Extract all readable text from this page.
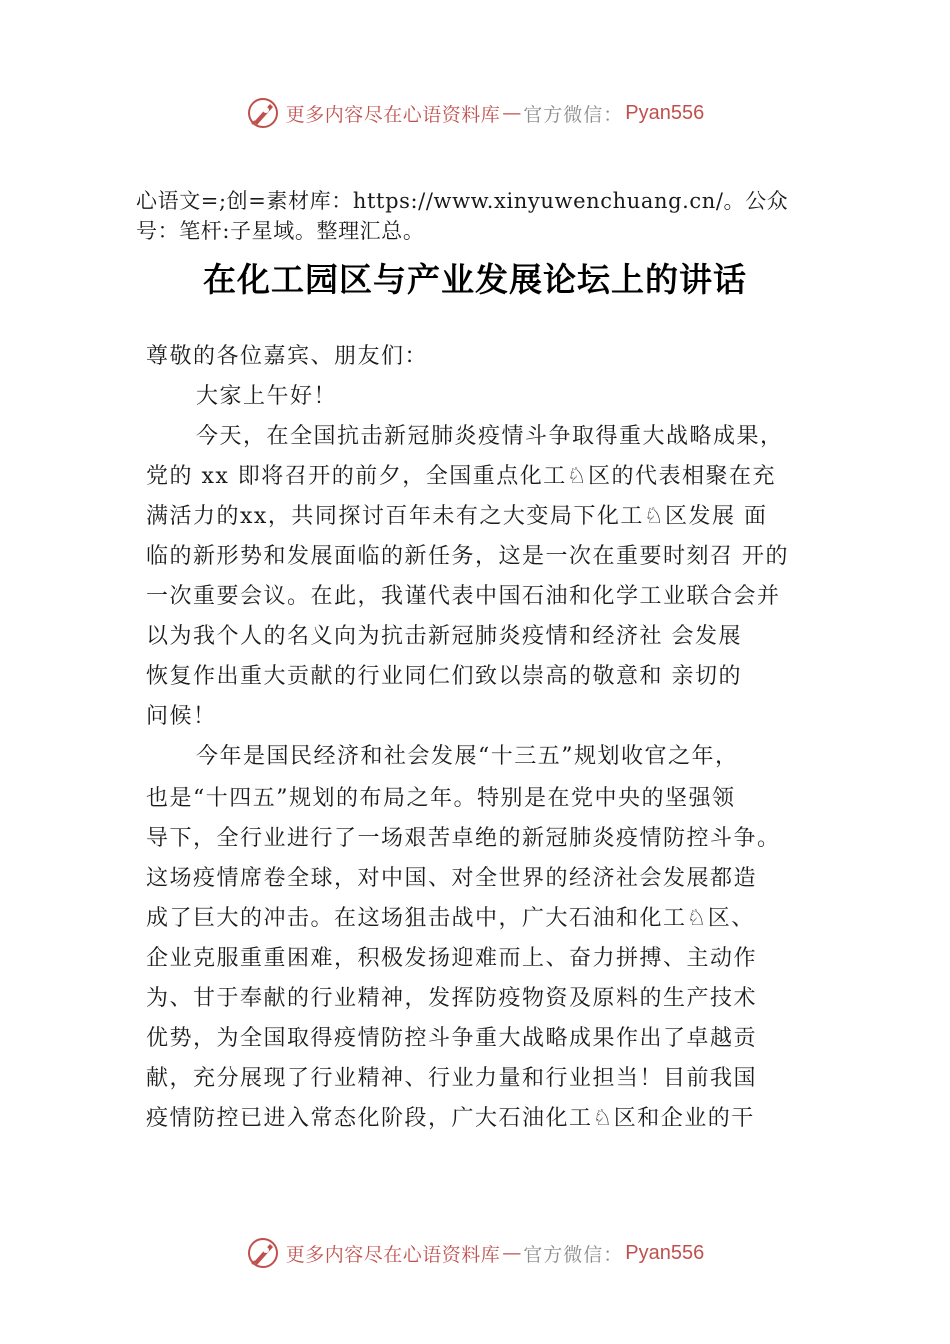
更多内容尽在心语资料库 — 官方微信： Pyan556
心语文=;创=素材库：https://www.xinyuwenchuang.cn/。公众
号：笔杆:子星域。整理汇总。
在化工园区与产业发展论坛上的讲话
尊敬的各位嘉宾、朋友们：
大家上午好！
今天，在全国抗击新冠肺炎疫情斗争取得重大战略成果，
党的 xx 即将召开的前夕，全国重点化工♘区的代表相聚在充
满活力的xx，共同探讨百年未有之大变局下化工♘区发展 面
临的新形势和发展面临的新任务，这是一次在重要时刻召 开的
一次重要会议。在此，我谨代表中国石油和化学工业联合会并
以为我个人的名义向为抗击新冠肺炎疫情和经济社 会发展
恢复作出重大贡献的行业同仁们致以崇高的敬意和 亲切的
问候！
今年是国民经济和社会发展“十三五”规划收官之年，
也是“十四五”规划的布局之年。特别是在党中央的坚强领
导下，全行业进行了一场艰苦卓绝的新冠肺炎疫情防控斗争。
这场疫情席卷全球，对中国、对全世界的经济社会发展都造
成了巨大的冲击。在这场狙击战中，广大石油和化工♘区、
企业克服重重困难，积极发扬迎难而上、奋力拼搏、主动作
为、甘于奉献的行业精神，发挥防疫物资及原料的生产技术
优势，为全国取得疫情防控斗争重大战略成果作出了卓越贡
献，充分展现了行业精神、行业力量和行业担当！目前我国
疫情防控已进入常态化阶段，广大石油化工♘区和企业的干
更多内容尽在心语资料库 — 官方微信： Pyan556
